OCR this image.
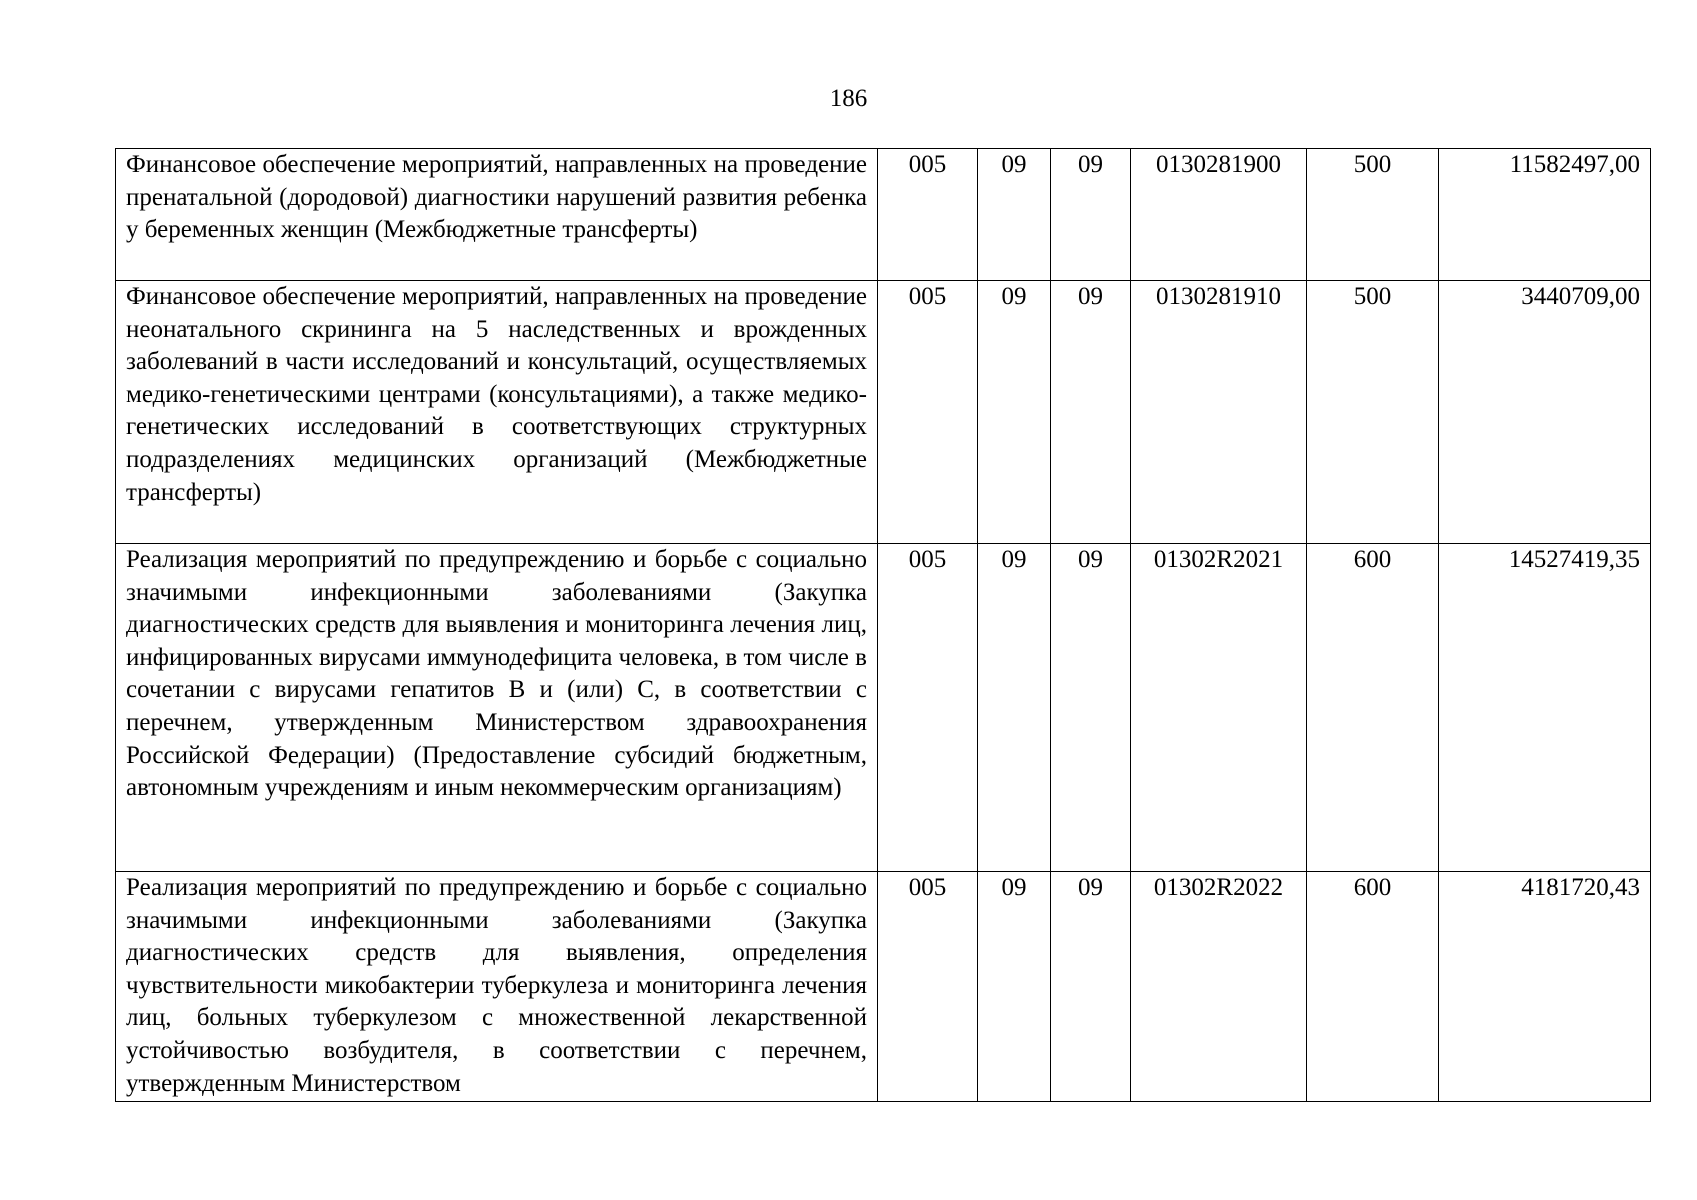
186
Финансовое обеспечение мероприятий, направленных на проведение пренатальной (дородовой) диагностики нарушений развития ребенка у беременных женщин (Межбюджетные трансферты)	005	09	09	0130281900	500	11582497,00
Финансовое обеспечение мероприятий, направленных на проведение неонатального скрининга на 5 наследственных и врожденных заболеваний в части исследований и консультаций, осуществляемых медико-генетическими центрами (консультациями), а также медико-генетических исследований в соответствующих структурных подразделениях медицинских организаций (Межбюджетные трансферты)	005	09	09	0130281910	500	3440709,00
Реализация мероприятий по предупреждению и борьбе с социально значимыми инфекционными заболеваниями (Закупка диагностических средств для выявления и мониторинга лечения лиц, инфицированных вирусами иммунодефицита человека, в том числе в сочетании с вирусами гепатитов B и (или) C, в соответствии с перечнем, утвержденным Министерством здравоохранения Российской Федерации) (Предоставление субсидий бюджетным, автономным учреждениям и иным некоммерческим организациям)	005	09	09	01302R2021	600	14527419,35
Реализация мероприятий по предупреждению и борьбе с социально значимыми инфекционными заболеваниями (Закупка диагностических средств для выявления, определения чувствительности микобактерии туберкулеза и мониторинга лечения лиц, больных туберкулезом с множественной лекарственной устойчивостью возбудителя, в соответствии с перечнем, утвержденным Министерством	005	09	09	01302R2022	600	4181720,43
